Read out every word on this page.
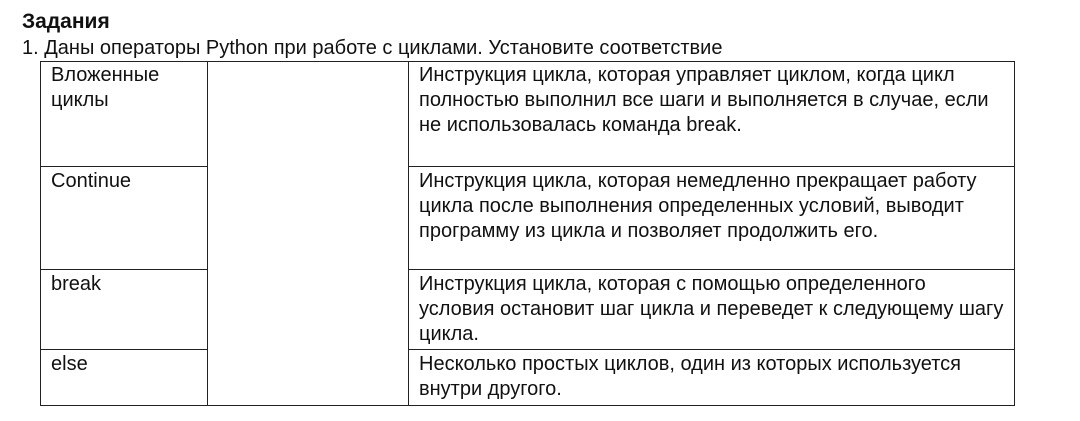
Задания
1. Даны операторы Python при работе с циклами. Установите соответствие
Вложенные циклы		Инструкция цикла, которая управляет циклом, когда цикл полностью выполнил все шаги и выполняется в случае, если не использовалась команда break.
Continue		Инструкция цикла, которая немедленно прекращает работу цикла после выполнения определенных условий, выводит программу из цикла и позволяет продолжить его.
break		Инструкция цикла, которая с помощью определенного условия остановит шаг цикла и переведет к следующему шагу цикла.
else		Несколько простых циклов, один из которых используется внутри другого.
